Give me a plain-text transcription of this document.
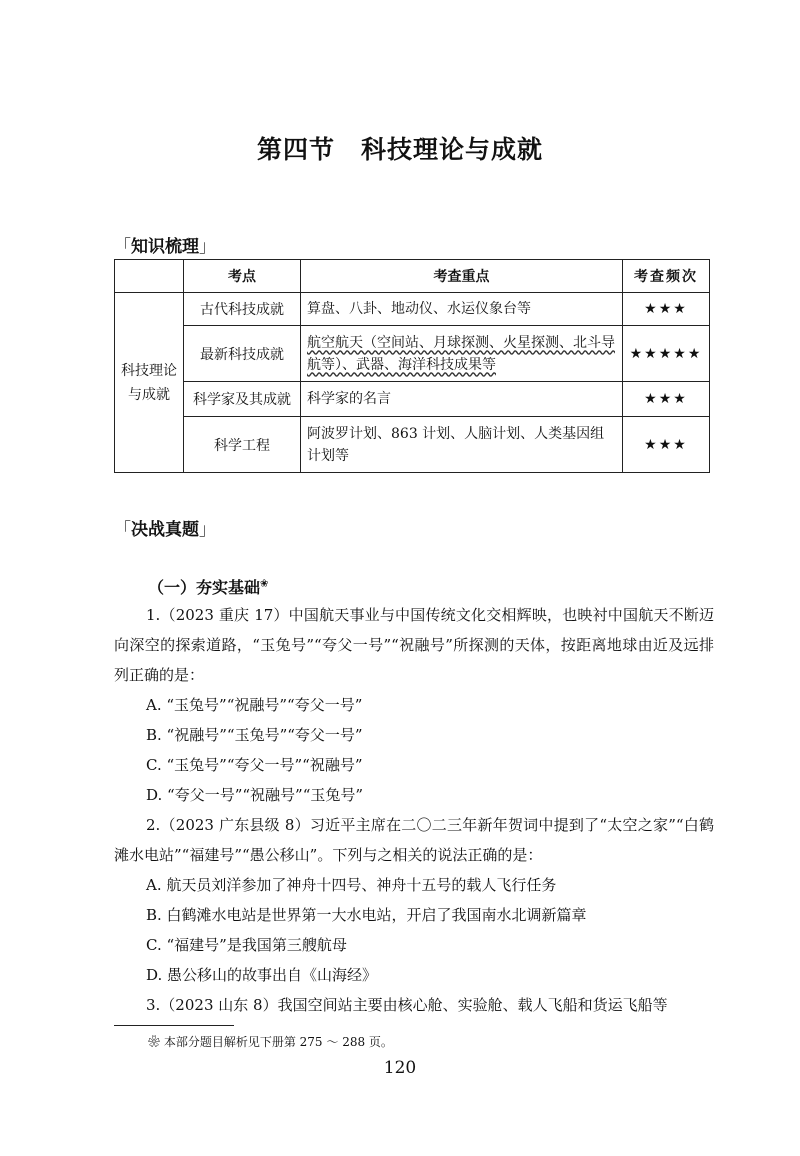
第四节 科技理论与成就
「知识梳理」
	考点	考查重点	考查频次

科技理论
与成就	古代科技成就	算盘、八卦、地动仪、水运仪象台等	★★★
	最新科技成就	航空航天（空间站、月球探测、火星探测、北斗导航等）、武器、海洋科技成果等	★★★★★
	科学家及其成就	科学家的名言	★★★
	科学工程	阿波罗计划、863 计划、人脑计划、人类基因组计划等	★★★
「决战真题」
（一）夯实基础❀

1.（2023 重庆 17）中国航天事业与中国传统文化交相辉映，也映衬中国航天不断迈向深空的探索道路，“玉兔号”“夸父一号”“祝融号”所探测的天体，按距离地球由近及远排列正确的是：

A. “玉兔号”“祝融号”“夸父一号”

B. “祝融号”“玉兔号”“夸父一号”

C. “玉兔号”“夸父一号”“祝融号”

D. “夸父一号”“祝融号”“玉兔号”

2.（2023 广东县级 8）习近平主席在二〇二三年新年贺词中提到了“太空之家”“白鹤滩水电站”“福建号”“愚公移山”。下列与之相关的说法正确的是：

A. 航天员刘洋参加了神舟十四号、神舟十五号的载人飞行任务

B. 白鹤滩水电站是世界第一大水电站，开启了我国南水北调新篇章

C. “福建号”是我国第三艘航母

D. 愚公移山的故事出自《山海经》

3.（2023 山东 8）我国空间站主要由核心舱、实验舱、载人飞船和货运飞船等

❀ 本部分题目解析见下册第 275 ～ 288 页。
120
